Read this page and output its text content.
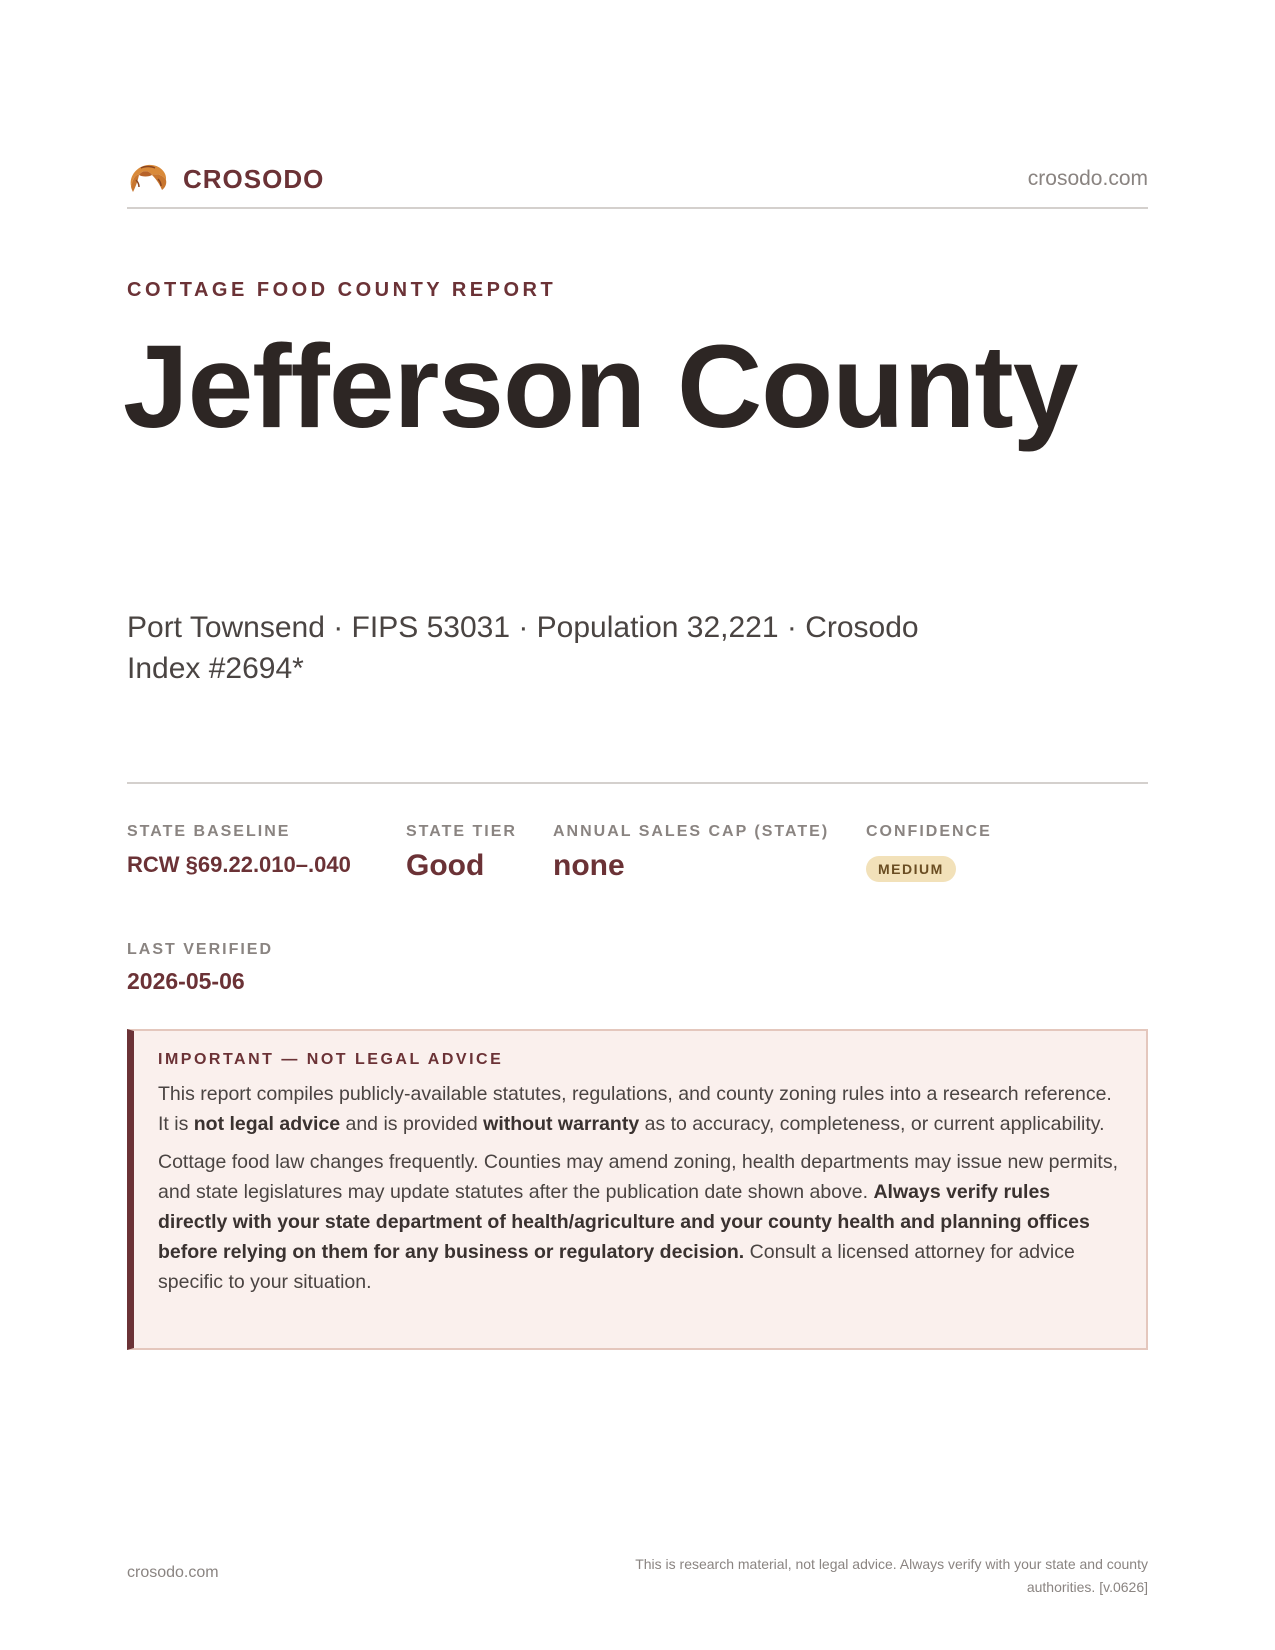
CROSODO	crosodo.com
COTTAGE FOOD COUNTY REPORT
Jefferson County
Port Townsend · FIPS 53031 · Population 32,221 · Crosodo Index #2694*
STATE BASELINE
RCW §69.22.010–.040
STATE TIER
Good
ANNUAL SALES CAP (STATE)
none
CONFIDENCE
MEDIUM
LAST VERIFIED
2026-05-06
IMPORTANT — NOT LEGAL ADVICE

This report compiles publicly-available statutes, regulations, and county zoning rules into a research reference. It is not legal advice and is provided without warranty as to accuracy, completeness, or current applicability.

Cottage food law changes frequently. Counties may amend zoning, health departments may issue new permits, and state legislatures may update statutes after the publication date shown above. Always verify rules directly with your state department of health/agriculture and your county health and planning offices before relying on them for any business or regulatory decision. Consult a licensed attorney for advice specific to your situation.

crosodo.com	This is research material, not legal advice. Always verify with your state and county authorities. [v.0626]
